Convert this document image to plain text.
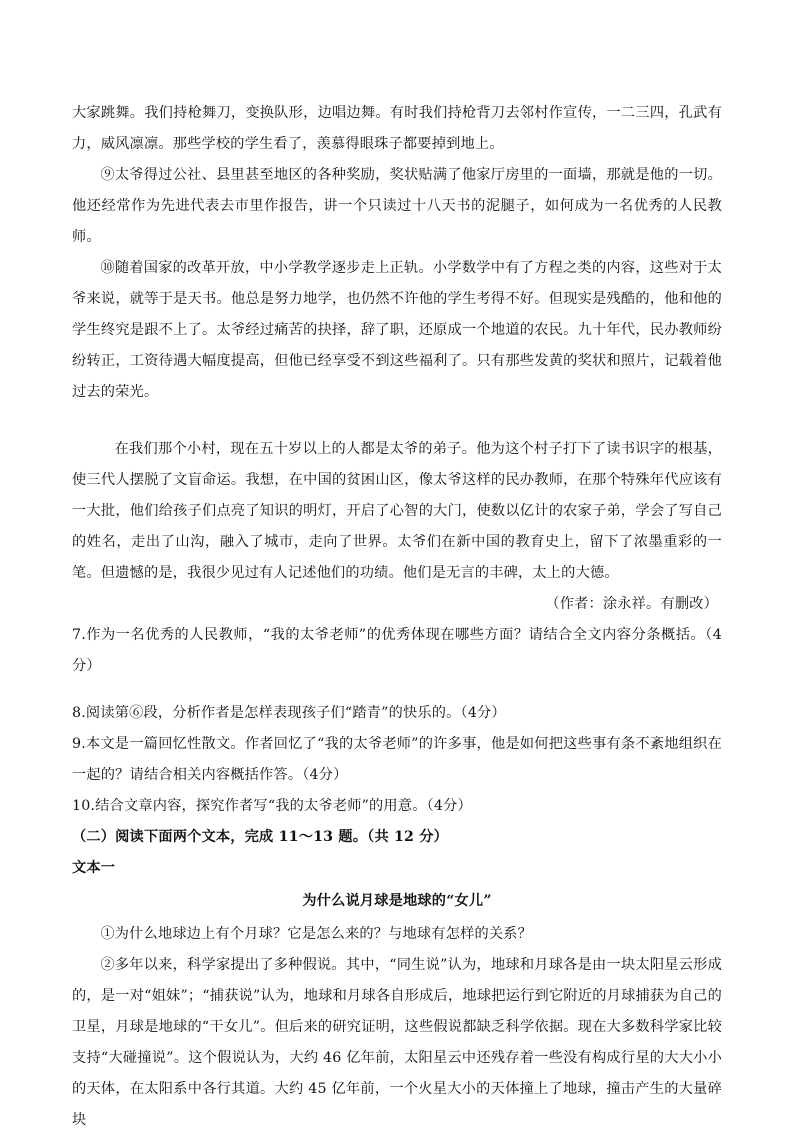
大家跳舞。我们持枪舞刀，变换队形，边唱边舞。有时我们持枪背刀去邻村作宣传，一二三四，孔武有力，威风凛凛。那些学校的学生看了，羡慕得眼珠子都要掉到地上。

⑨太爷得过公社、县里甚至地区的各种奖励，奖状贴满了他家厅房里的一面墙，那就是他的一切。他还经常作为先进代表去市里作报告，讲一个只读过十八天书的泥腿子，如何成为一名优秀的人民教师。

⑩随着国家的改革开放，中小学教学逐步走上正轨。小学数学中有了方程之类的内容，这些对于太爷来说，就等于是天书。他总是努力地学，也仍然不许他的学生考得不好。但现实是残酷的，他和他的学生终究是跟不上了。太爷经过痛苦的抉择，辞了职，还原成一个地道的农民。九十年代，民办教师纷纷转正，工资待遇大幅度提高，但他已经享受不到这些福利了。只有那些发黄的奖状和照片，记载着他过去的荣光。

在我们那个小村，现在五十岁以上的人都是太爷的弟子。他为这个村子打下了读书识字的根基，使三代人摆脱了文盲命运。我想，在中国的贫困山区，像太爷这样的民办教师，在那个特殊年代应该有一大批，他们给孩子们点亮了知识的明灯，开启了心智的大门，使数以亿计的农家子弟，学会了写自己的姓名，走出了山沟，融入了城市，走向了世界。太爷们在新中国的教育史上，留下了浓墨重彩的一笔。但遗憾的是，我很少见过有人记述他们的功绩。他们是无言的丰碑，太上的大德。

（作者：涂永祥。有删改）

7.作为一名优秀的人民教师，“我的太爷老师”的优秀体现在哪些方面？请结合全文内容分条概括。（4分）

8.阅读第⑥段，分析作者是怎样表现孩子们“踏青”的快乐的。（4分）

9.本文是一篇回忆性散文。作者回忆了“我的太爷老师”的许多事，他是如何把这些事有条不紊地组织在一起的？请结合相关内容概括作答。（4分）

10.结合文章内容，探究作者写“我的太爷老师”的用意。（4分）

（二）阅读下面两个文本，完成 11～13 题。（共 12 分）

文本一

为什么说月球是地球的“女儿”

①为什么地球边上有个月球？它是怎么来的？与地球有怎样的关系？

②多年以来，科学家提出了多种假说。其中，“同生说”认为，地球和月球各是由一块太阳星云形成的，是一对“姐妹”；“捕获说”认为，地球和月球各自形成后，地球把运行到它附近的月球捕获为自己的卫星，月球是地球的“干女儿”。但后来的研究证明，这些假说都缺乏科学依据。现在大多数科学家比较支持“大碰撞说”。这个假说认为，大约 46 亿年前，太阳星云中还残存着一些没有构成行星的大大小小的天体，在太阳系中各行其道。大约 45 亿年前，一个火星大小的天体撞上了地球，撞击产生的大量碎块
